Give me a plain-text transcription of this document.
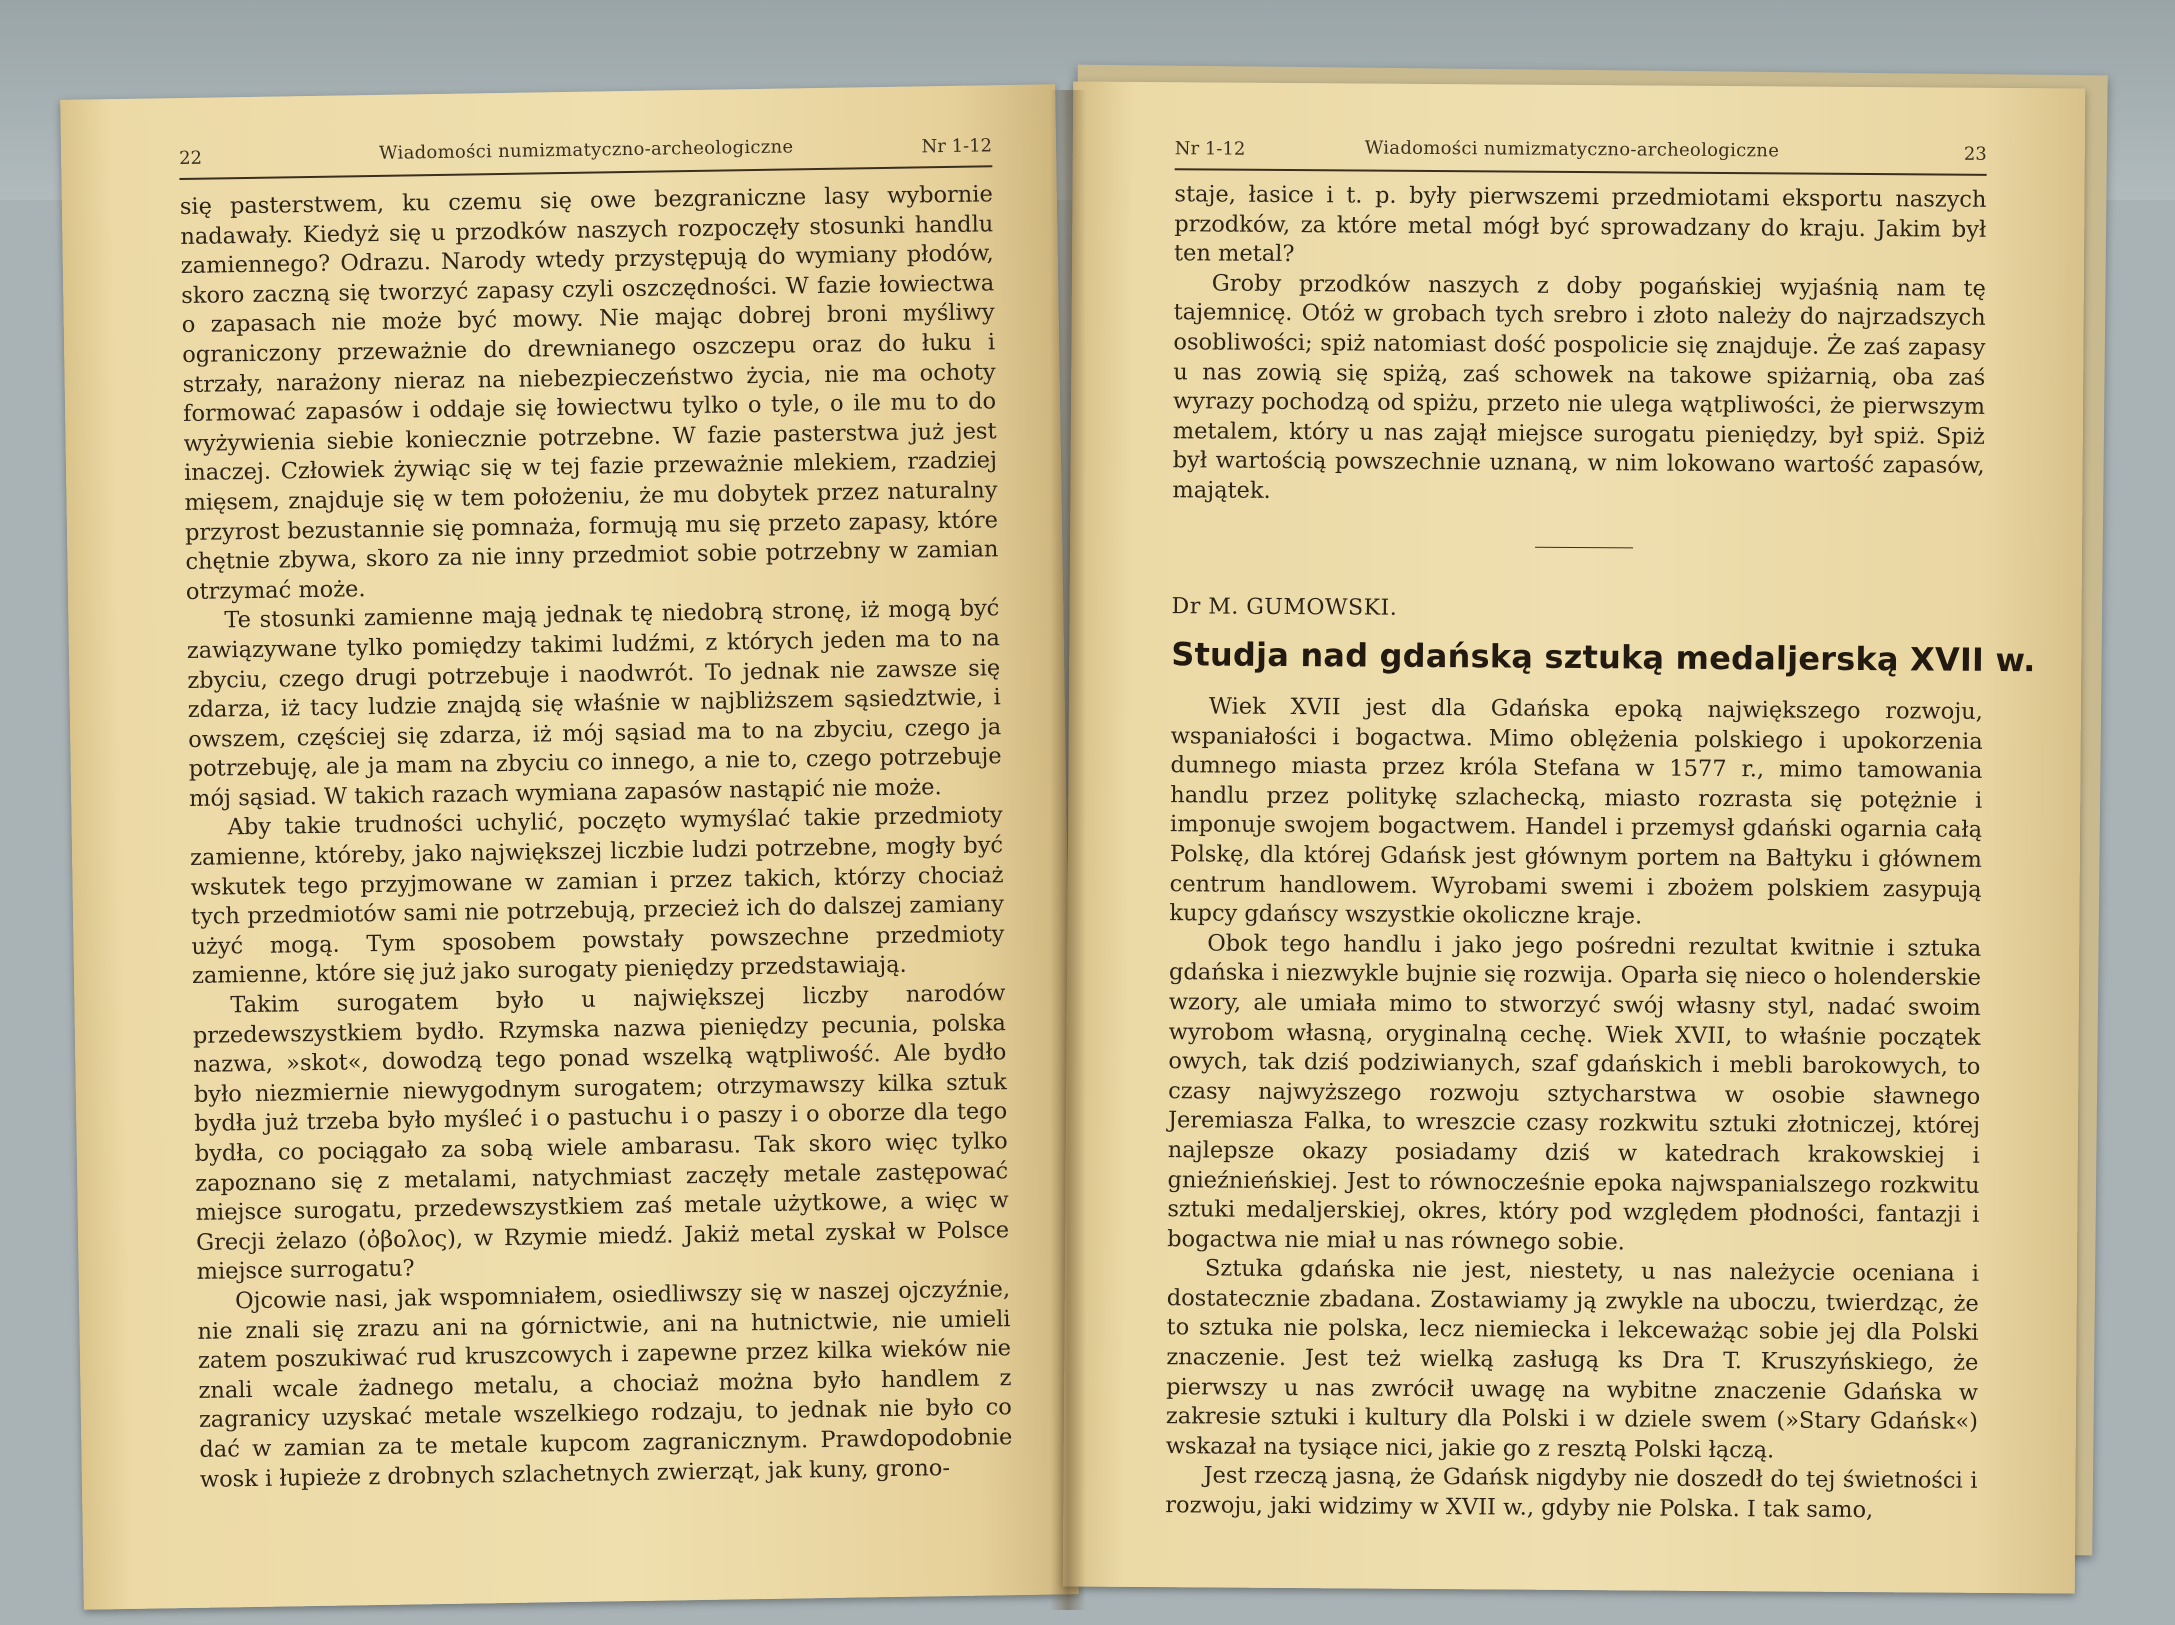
22	Wiadomości numizmatyczno-archeologiczne	Nr 1-12

się pasterstwem, ku czemu się owe bezgraniczne lasy wybornie nadawały. Kiedyż się u przodków naszych rozpoczęły stosunki handlu zamiennego? Odrazu. Narody wtedy przystępują do wymiany płodów, skoro zaczną się tworzyć zapasy czyli oszczędności. W fazie łowiectwa o zapasach nie może być mowy. Nie mając dobrej broni myśliwy ograniczony przeważnie do drewnianego oszczepu oraz do łuku i strzały, narażony nieraz na niebezpieczeństwo życia, nie ma ochoty formować zapasów i oddaje się łowiectwu tylko o tyle, o ile mu to do wyżywienia siebie koniecznie potrzebne. W fazie pasterstwa już jest inaczej. Człowiek żywiąc się w tej fazie przeważnie mlekiem, rzadziej mięsem, znajduje się w tem położeniu, że mu dobytek przez naturalny przyrost bezustannie się pomnaża, formują mu się przeto zapasy, które chętnie zbywa, skoro za nie inny przedmiot sobie potrzebny w zamian otrzymać może.

Te stosunki zamienne mają jednak tę niedobrą stronę, iż mogą być zawiązywane tylko pomiędzy takimi ludźmi, z których jeden ma to na zbyciu, czego drugi potrzebuje i naodwrót. To jednak nie zawsze się zdarza, iż tacy ludzie znajdą się właśnie w najbliższem sąsiedztwie, i owszem, częściej się zdarza, iż mój sąsiad ma to na zbyciu, czego ja potrzebuję, ale ja mam na zbyciu co innego, a nie to, czego potrzebuje mój sąsiad. W takich razach wymiana zapasów nastąpić nie może.

Aby takie trudności uchylić, poczęto wymyślać takie przedmioty zamienne, któreby, jako największej liczbie ludzi potrzebne, mogły być wskutek tego przyjmowane w zamian i przez takich, którzy chociaż tych przedmiotów sami nie potrzebują, przecież ich do dalszej zamiany użyć mogą. Tym sposobem powstały powszechne przedmioty zamienne, które się już jako surogaty pieniędzy przedstawiają.

Takim surogatem było u największej liczby narodów przedewszystkiem bydło. Rzymska nazwa pieniędzy pecunia, polska nazwa, »skot«, dowodzą tego ponad wszelką wątpliwość. Ale bydło było niezmiernie niewygodnym surogatem; otrzymawszy kilka sztuk bydła już trzeba było myśleć i o pastuchu i o paszy i o oborze dla tego bydła, co pociągało za sobą wiele ambarasu. Tak skoro więc tylko zapoznano się z metalami, natychmiast zaczęły metale zastępować miejsce surogatu, przedewszystkiem zaś metale użytkowe, a więc w Grecji żelazo (ὀβολος), w Rzymie miedź. Jakiż metal zyskał w Polsce miejsce surrogatu?

Ojcowie nasi, jak wspomniałem, osiedliwszy się w naszej ojczyźnie, nie znali się zrazu ani na górnictwie, ani na hutnictwie, nie umieli zatem poszukiwać rud kruszcowych i zapewne przez kilka wieków nie znali wcale żadnego metalu, a chociaż można było handlem z zagranicy uzyskać metale wszelkiego rodzaju, to jednak nie było co dać w zamian za te metale kupcom zagranicznym. Prawdopodobnie wosk i łupieże z drobnych szlachetnych zwierząt, jak kuny, grono-

Nr 1-12	Wiadomości numizmatyczno-archeologiczne	23

staje, łasice i t. p. były pierwszemi przedmiotami eksportu naszych przodków, za które metal mógł być sprowadzany do kraju. Jakim był ten metal?

Groby przodków naszych z doby pogańskiej wyjaśnią nam tę tajemnicę. Otóż w grobach tych srebro i złoto należy do najrzadszych osobliwości; spiż natomiast dość pospolicie się znajduje. Że zaś zapasy u nas zowią się spiżą, zaś schowek na takowe spiżarnią, oba zaś wyrazy pochodzą od spiżu, przeto nie ulega wątpliwości, że pierwszym metalem, który u nas zajął miejsce surogatu pieniędzy, był spiż. Spiż był wartością powszechnie uznaną, w nim lokowano wartość zapasów, majątek.

Dr M. GUMOWSKI.
Studja nad gdańską sztuką medaljerską XVII w.

Wiek XVII jest dla Gdańska epoką największego rozwoju, wspaniałości i bogactwa. Mimo oblężenia polskiego i upokorzenia dumnego miasta przez króla Stefana w 1577 r., mimo tamowania handlu przez politykę szlachecką, miasto rozrasta się potężnie i imponuje swojem bogactwem. Handel i przemysł gdański ogarnia całą Polskę, dla której Gdańsk jest głównym portem na Bałtyku i głównem centrum handlowem. Wyrobami swemi i zbożem polskiem zasypują kupcy gdańscy wszystkie okoliczne kraje.

Obok tego handlu i jako jego pośredni rezultat kwitnie i sztuka gdańska i niezwykle bujnie się rozwija. Oparła się nieco o holenderskie wzory, ale umiała mimo to stworzyć swój własny styl, nadać swoim wyrobom własną, oryginalną cechę. Wiek XVII, to właśnie początek owych, tak dziś podziwianych, szaf gdańskich i mebli barokowych, to czasy najwyższego rozwoju sztycharstwa w osobie sławnego Jeremiasza Falka, to wreszcie czasy rozkwitu sztuki złotniczej, której najlepsze okazy posiadamy dziś w katedrach krakowskiej i gnieźnieńskiej. Jest to równocześnie epoka najwspanialszego rozkwitu sztuki medaljerskiej, okres, który pod względem płodności, fantazji i bogactwa nie miał u nas równego sobie.

Sztuka gdańska nie jest, niestety, u nas należycie oceniana i dostatecznie zbadana. Zostawiamy ją zwykle na uboczu, twierdząc, że to sztuka nie polska, lecz niemiecka i lekceważąc sobie jej dla Polski znaczenie. Jest też wielką zasługą ks Dra T. Kruszyńskiego, że pierwszy u nas zwrócił uwagę na wybitne znaczenie Gdańska w zakresie sztuki i kultury dla Polski i w dziele swem (»Stary Gdańsk«) wskazał na tysiące nici, jakie go z resztą Polski łączą.

Jest rzeczą jasną, że Gdańsk nigdyby nie doszedł do tej świetności i rozwoju, jaki widzimy w XVII w., gdyby nie Polska. I tak samo,
